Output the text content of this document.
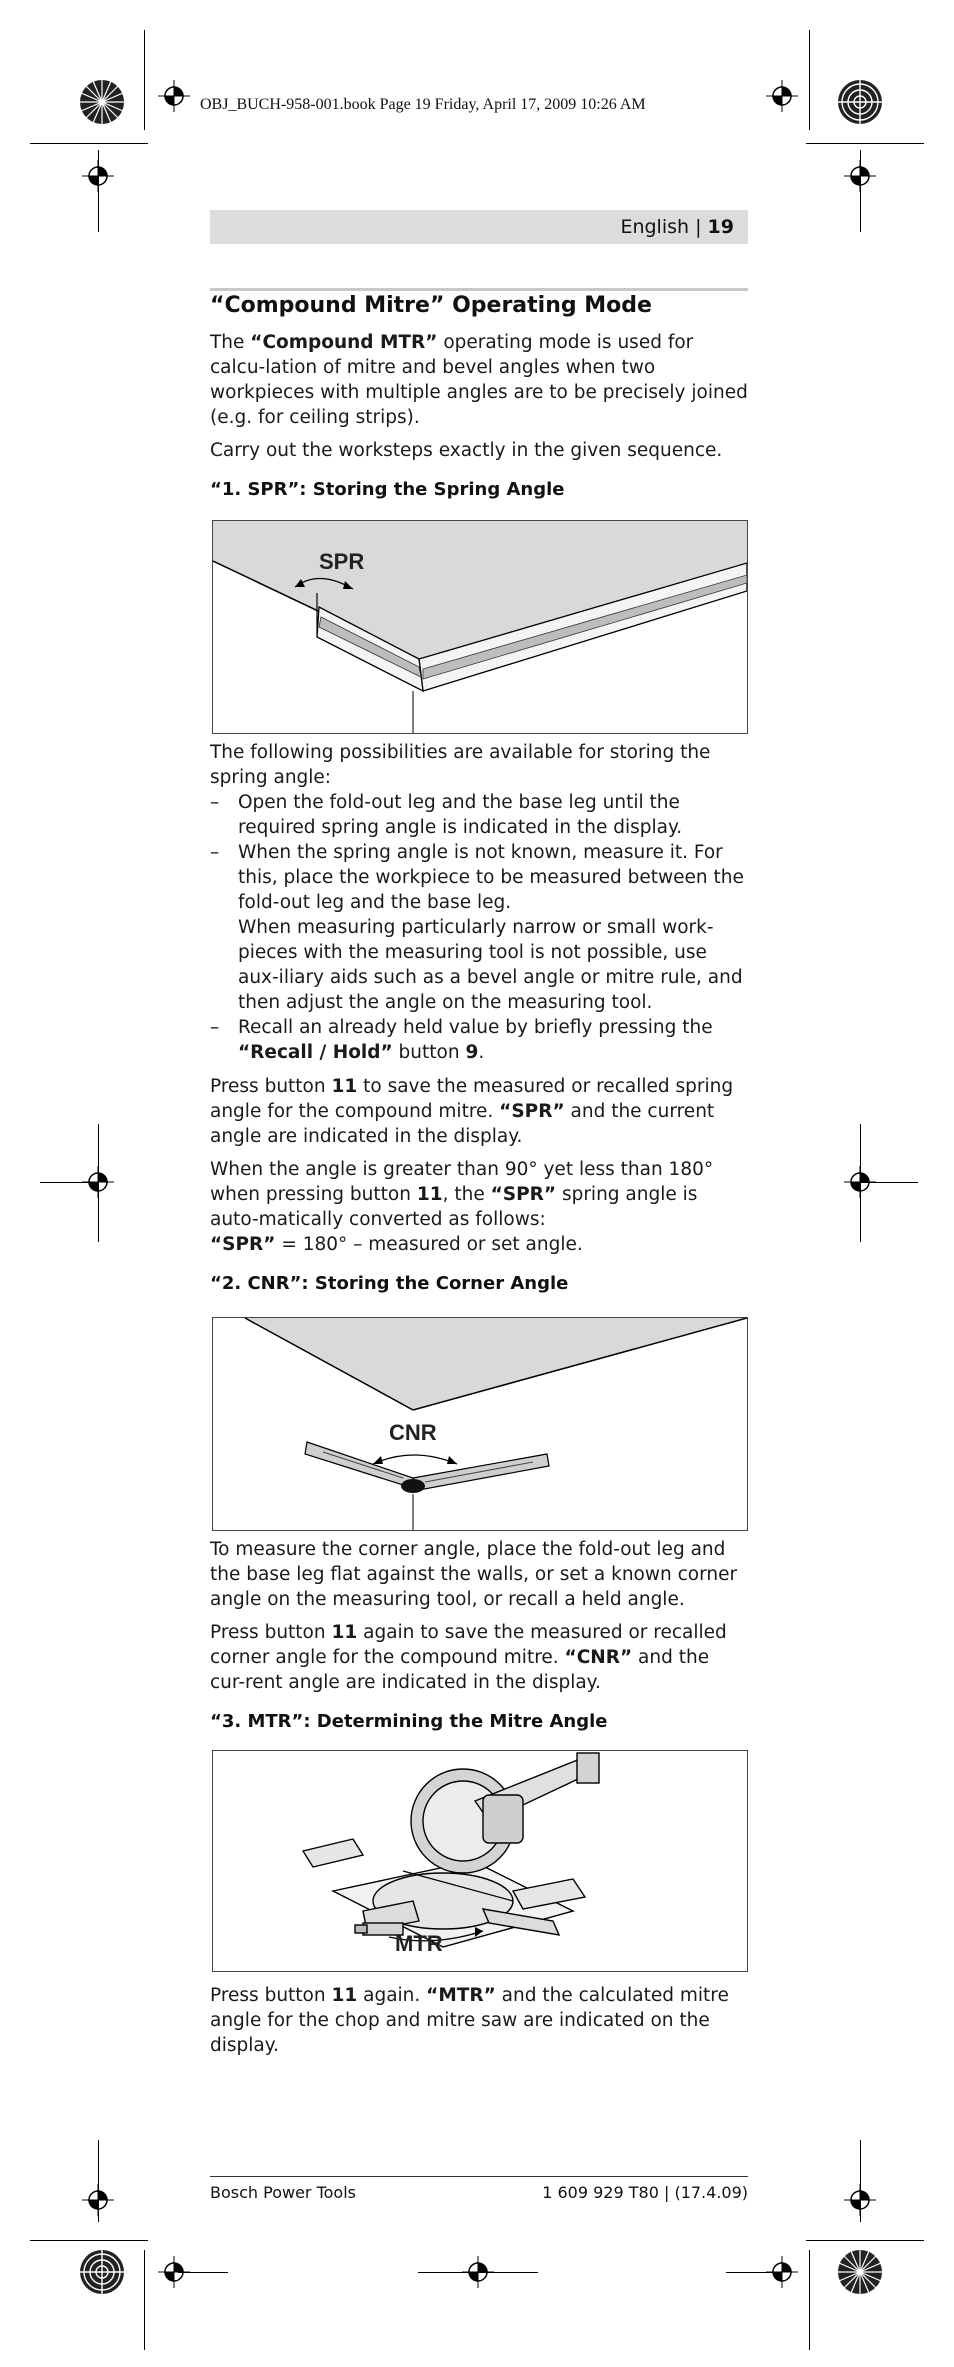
OBJ_BUCH-958-001.book Page 19 Friday, April 17, 2009 10:26 AM
English | 19
“Compound Mitre” Operating Mode

The “Compound MTR” operating mode is used for calcu-lation of mitre and bevel angles when two workpieces with multiple angles are to be precisely joined (e.g. for ceiling strips).

Carry out the worksteps exactly in the given sequence.

“1. SPR”: Storing the Spring Angle
SPR

The following possibilities are available for storing the spring angle:

– Open the fold-out leg and the base leg until the required spring angle is indicated in the display.
– When the spring angle is not known, measure it. For this, place the workpiece to be measured between the fold-out leg and the base leg.
When measuring particularly narrow or small work-pieces with the measuring tool is not possible, use aux-iliary aids such as a bevel angle or mitre rule, and then adjust the angle on the measuring tool.
– Recall an already held value by briefly pressing the “Recall / Hold” button 9.

Press button 11 to save the measured or recalled spring angle for the compound mitre. “SPR” and the current angle are indicated in the display.

When the angle is greater than 90° yet less than 180° when pressing button 11, the “SPR” spring angle is auto-matically converted as follows:
“SPR” = 180° – measured or set angle.

“2. CNR”: Storing the Corner Angle
CNR

To measure the corner angle, place the fold-out leg and the base leg flat against the walls, or set a known corner angle on the measuring tool, or recall a held angle.

Press button 11 again to save the measured or recalled corner angle for the compound mitre. “CNR” and the cur-rent angle are indicated in the display.

“3. MTR”: Determining the Mitre Angle
MTR

Press button 11 again. “MTR” and the calculated mitre angle for the chop and mitre saw are indicated on the display.

Bosch Power Tools	1 609 929 T80 | (17.4.09)
